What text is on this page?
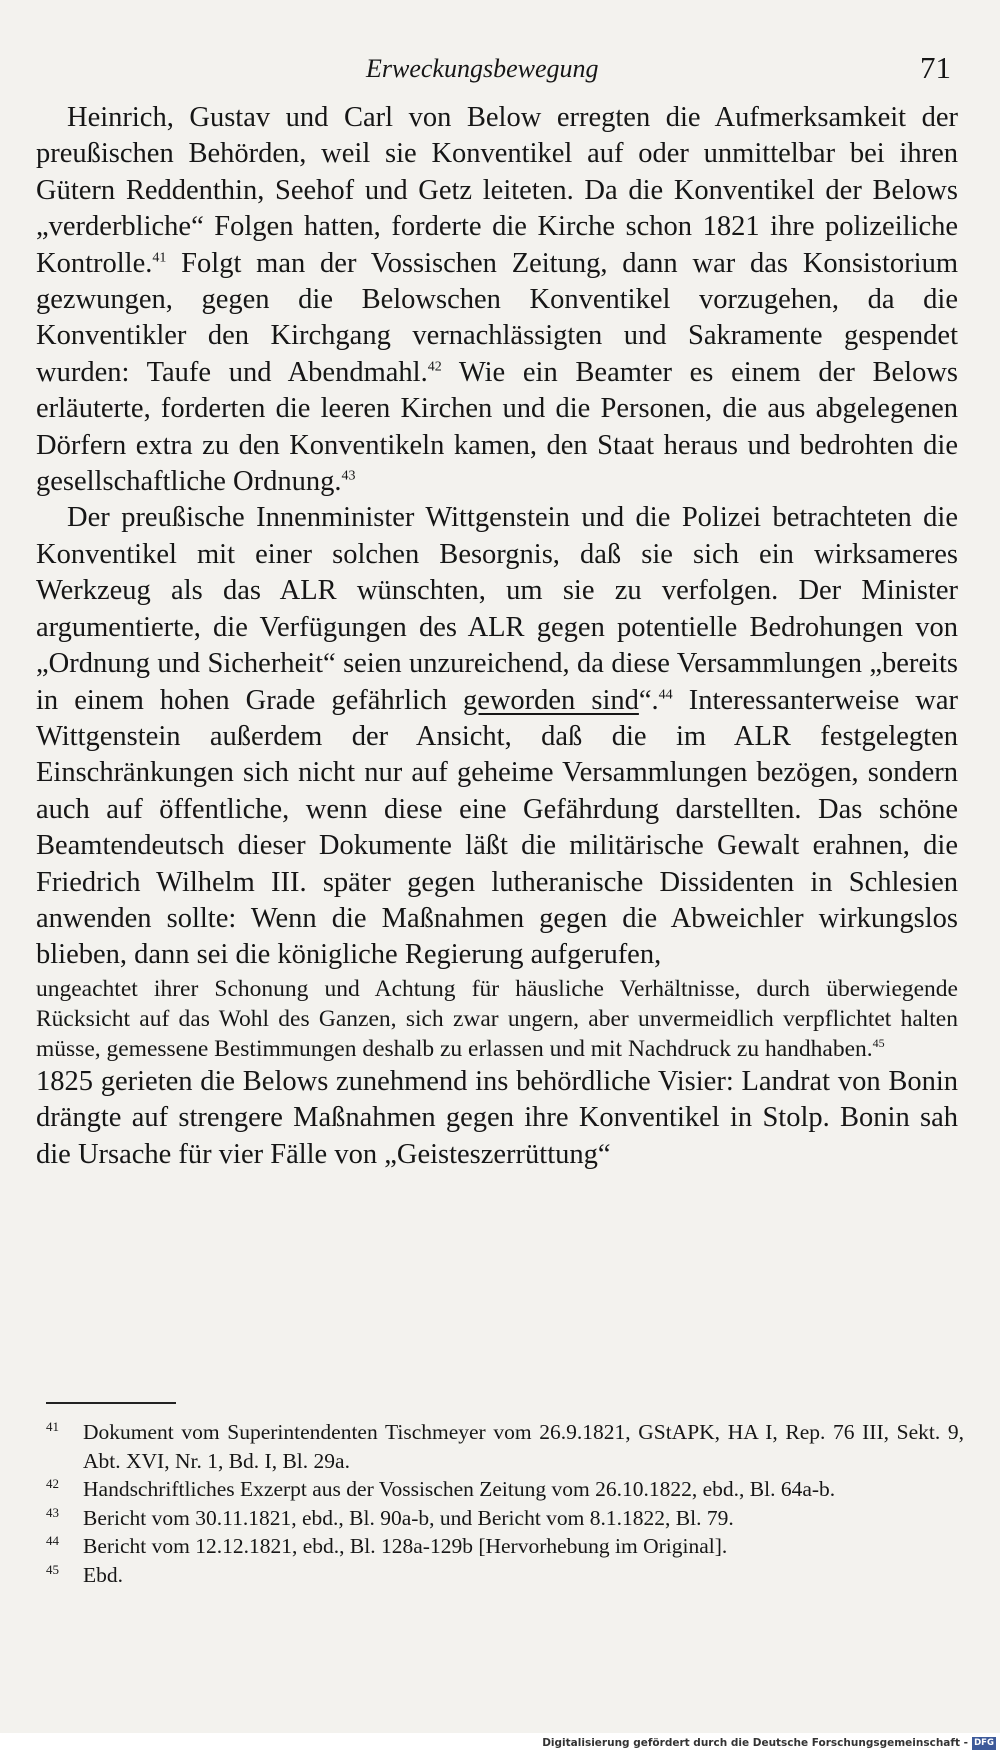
Erweckungsbewegung	71

Heinrich, Gustav und Carl von Below erregten die Aufmerksamkeit der preußischen Behörden, weil sie Konventikel auf oder unmittelbar bei ihren Gütern Reddenthin, Seehof und Getz leiteten. Da die Konventikel der Belows „verderbliche“ Folgen hatten, forderte die Kirche schon 1821 ihre polizeiliche Kontrolle.$^{41}$ Folgt man der Vossischen Zeitung, dann war das Konsistorium gezwungen, gegen die Belowschen Konventikel vorzugehen, da die Konventikler den Kirchgang vernachlässigten und Sakramente gespendet wurden: Taufe und Abendmahl.$^{42}$ Wie ein Beamter es einem der Belows erläuterte, forderten die leeren Kirchen und die Personen, die aus abgelegenen Dörfern extra zu den Konventikeln kamen, den Staat heraus und bedrohten die gesellschaftliche Ordnung.$^{43}$

Der preußische Innenminister Wittgenstein und die Polizei betrachteten die Konventikel mit einer solchen Besorgnis, daß sie sich ein wirksameres Werkzeug als das ALR wünschten, um sie zu verfolgen. Der Minister argumentierte, die Verfügungen des ALR gegen potentielle Bedrohungen von „Ordnung und Sicherheit“ seien unzureichend, da diese Versammlungen „bereits in einem hohen Grade gefährlich geworden sind“.$^{44}$ Interessanterweise war Wittgenstein außerdem der Ansicht, daß die im ALR festgelegten Einschränkungen sich nicht nur auf geheime Versammlungen bezögen, sondern auch auf öffentliche, wenn diese eine Gefährdung darstellten. Das schöne Beamtendeutsch dieser Dokumente läßt die militärische Gewalt erahnen, die Friedrich Wilhelm III. später gegen lutheranische Dissidenten in Schlesien anwenden sollte: Wenn die Maßnahmen gegen die Abweichler wirkungslos blieben, dann sei die königliche Regierung aufgerufen,

ungeachtet ihrer Schonung und Achtung für häusliche Verhältnisse, durch überwiegende Rücksicht auf das Wohl des Ganzen, sich zwar ungern, aber unvermeidlich verpflichtet halten müsse, gemessene Bestimmungen deshalb zu erlassen und mit Nachdruck zu handhaben.$^{45}$

1825 gerieten die Belows zunehmend ins behördliche Visier: Landrat von Bonin drängte auf strengere Maßnahmen gegen ihre Konventikel in Stolp. Bonin sah die Ursache für vier Fälle von „Geisteszerrüttung“

41 Dokument vom Superintendenten Tischmeyer vom 26.9.1821, GStAPK, HA I, Rep. 76 III, Sekt. 9, Abt. XVI, Nr. 1, Bd. I, Bl. 29a.
42 Handschriftliches Exzerpt aus der Vossischen Zeitung vom 26.10.1822, ebd., Bl. 64a-b.
43 Bericht vom 30.11.1821, ebd., Bl. 90a-b, und Bericht vom 8.1.1822, Bl. 79.
44 Bericht vom 12.12.1821, ebd., Bl. 128a-129b [Hervorhebung im Original].
45 Ebd.
Digitalisierung gefördert durch die Deutsche Forschungsgemeinschaft - DFG
